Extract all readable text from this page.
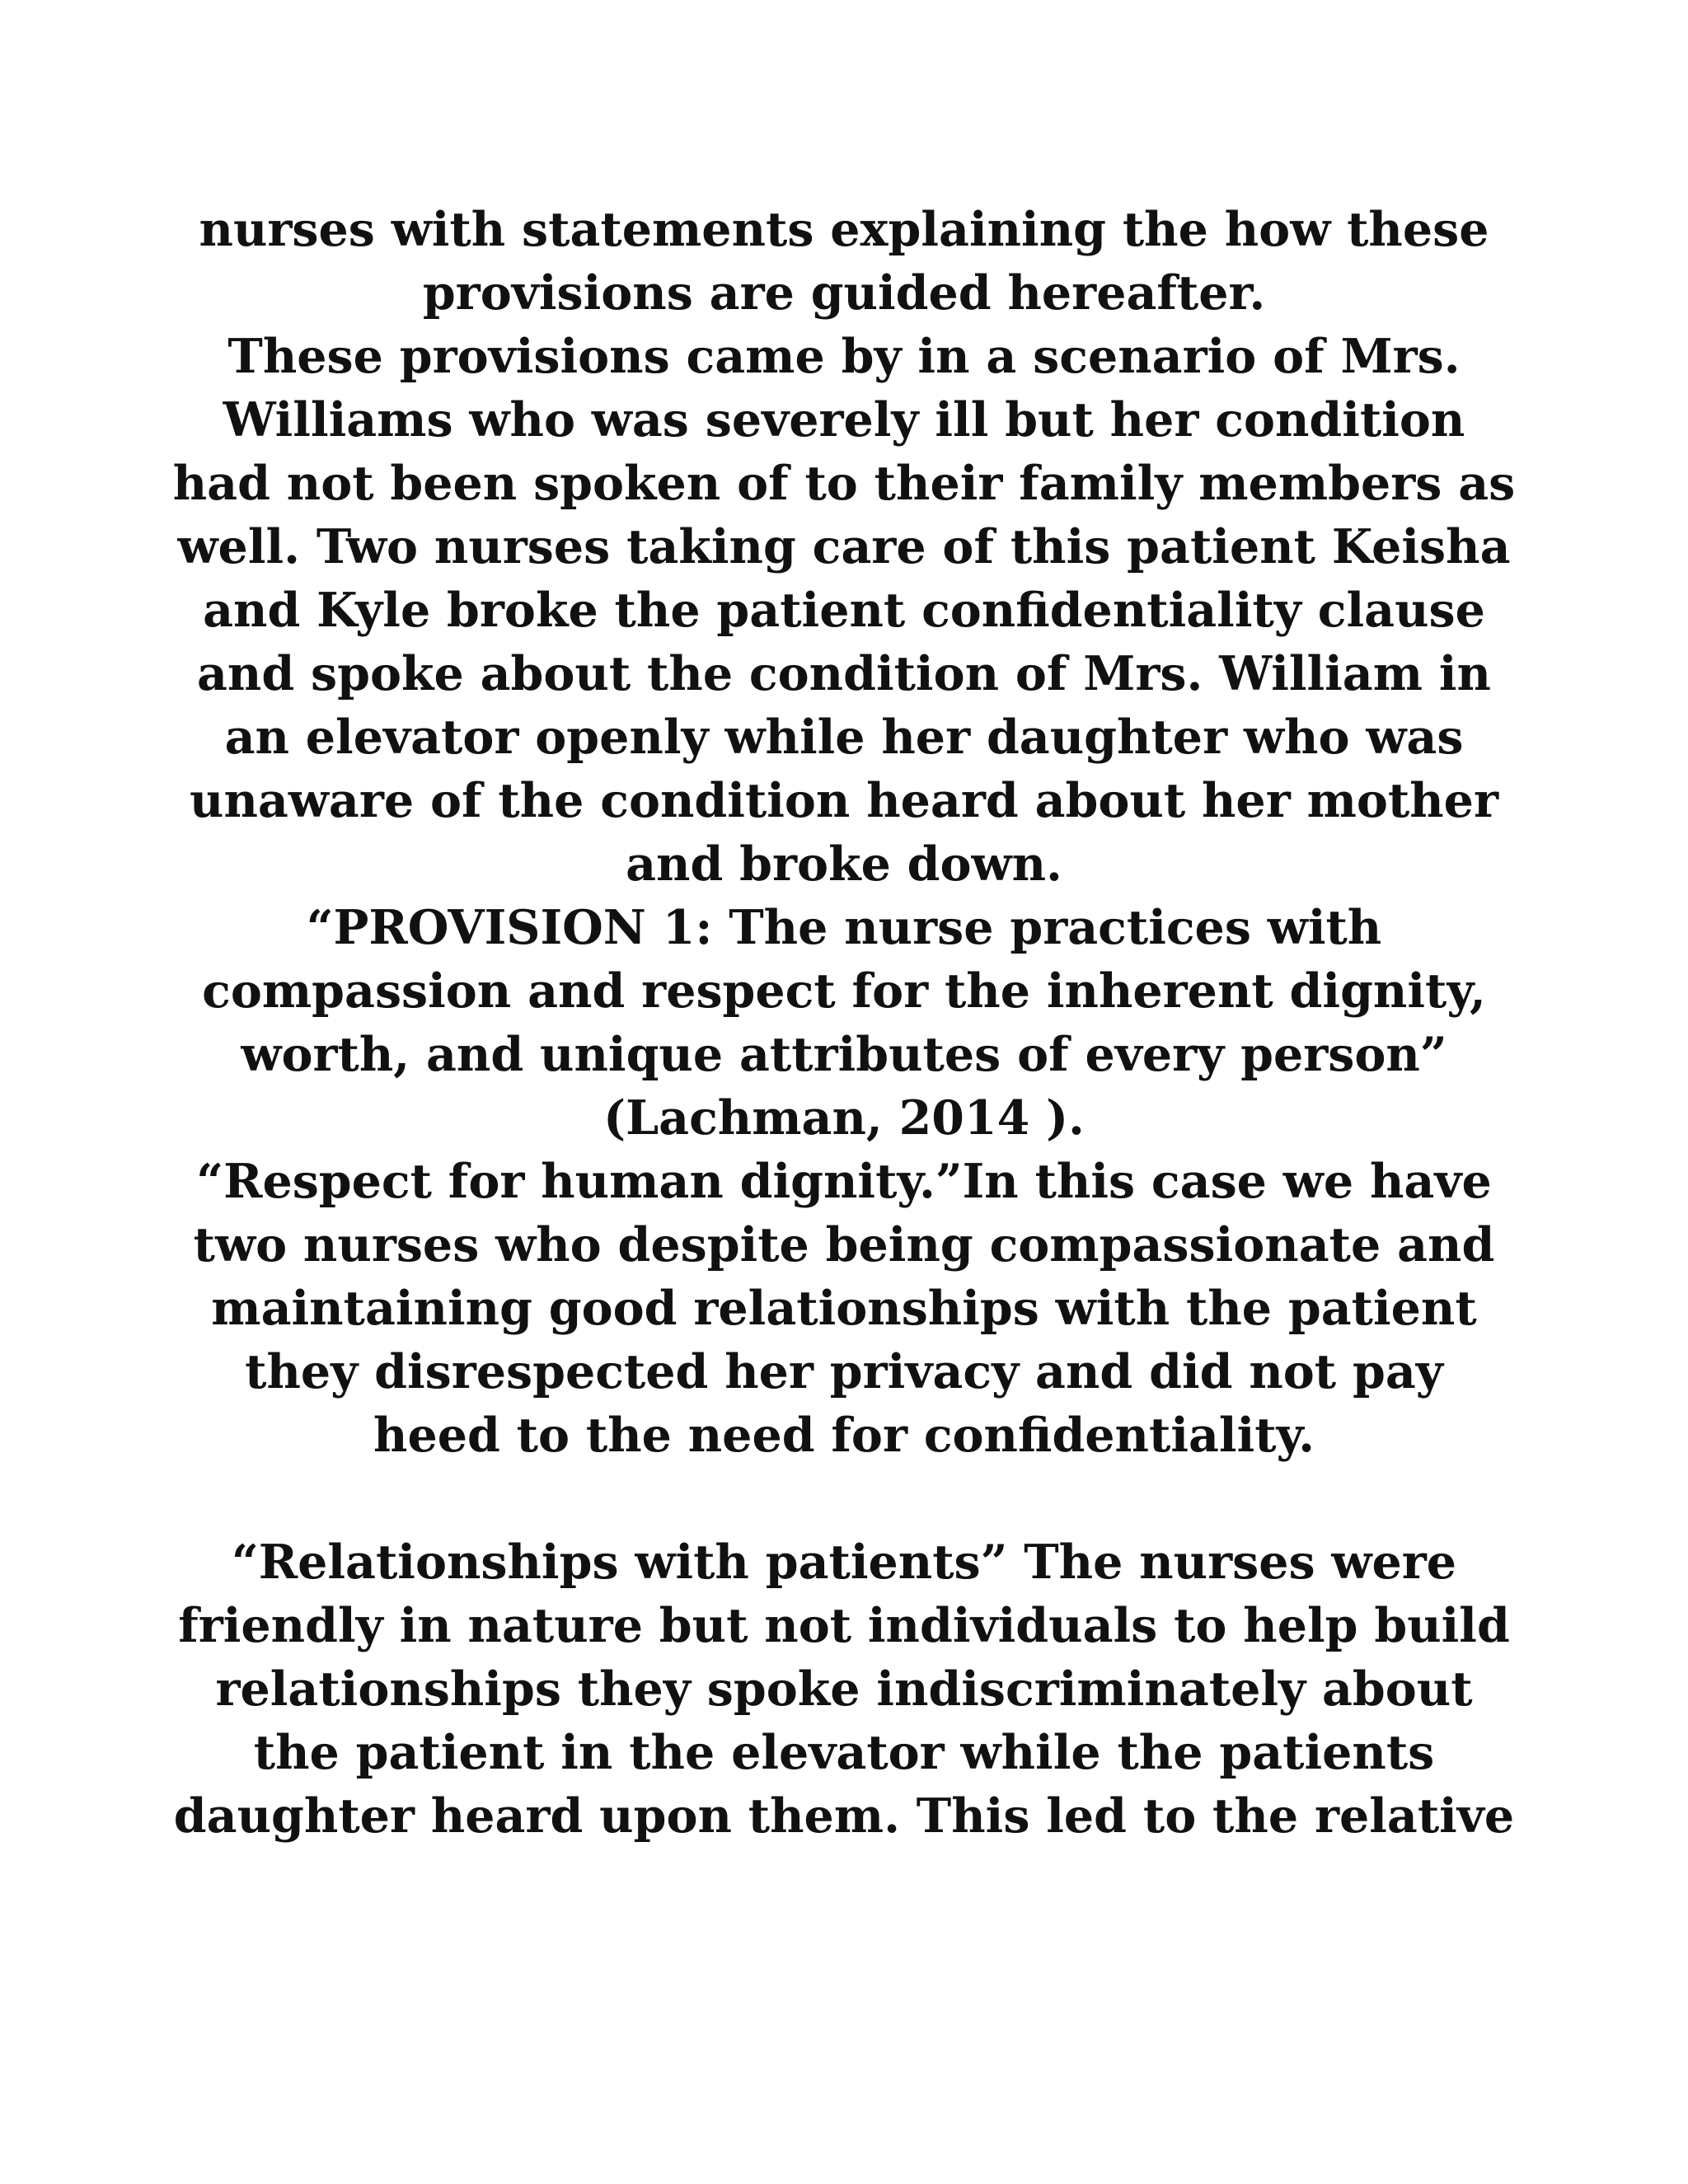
nurses with statements explaining the how these
provisions are guided hereafter.
These provisions came by in a scenario of Mrs.
Williams who was severely ill but her condition
had not been spoken of to their family members as
well. Two nurses taking care of this patient Keisha
and Kyle broke the patient confidentiality clause
and spoke about the condition of Mrs. William in
an elevator openly while her daughter who was
unaware of the condition heard about her mother
and broke down.
“PROVISION 1: The nurse practices with
compassion and respect for the inherent dignity,
worth, and unique attributes of every person”
(Lachman, 2014 ).
“Respect for human dignity.”In this case we have
two nurses who despite being compassionate and
maintaining good relationships with the patient
they disrespected her privacy and did not pay
heed to the need for confidentiality.
“Relationships with patients” The nurses were
friendly in nature but not individuals to help build
relationships they spoke indiscriminately about
the patient in the elevator while the patients
daughter heard upon them. This led to the relative
